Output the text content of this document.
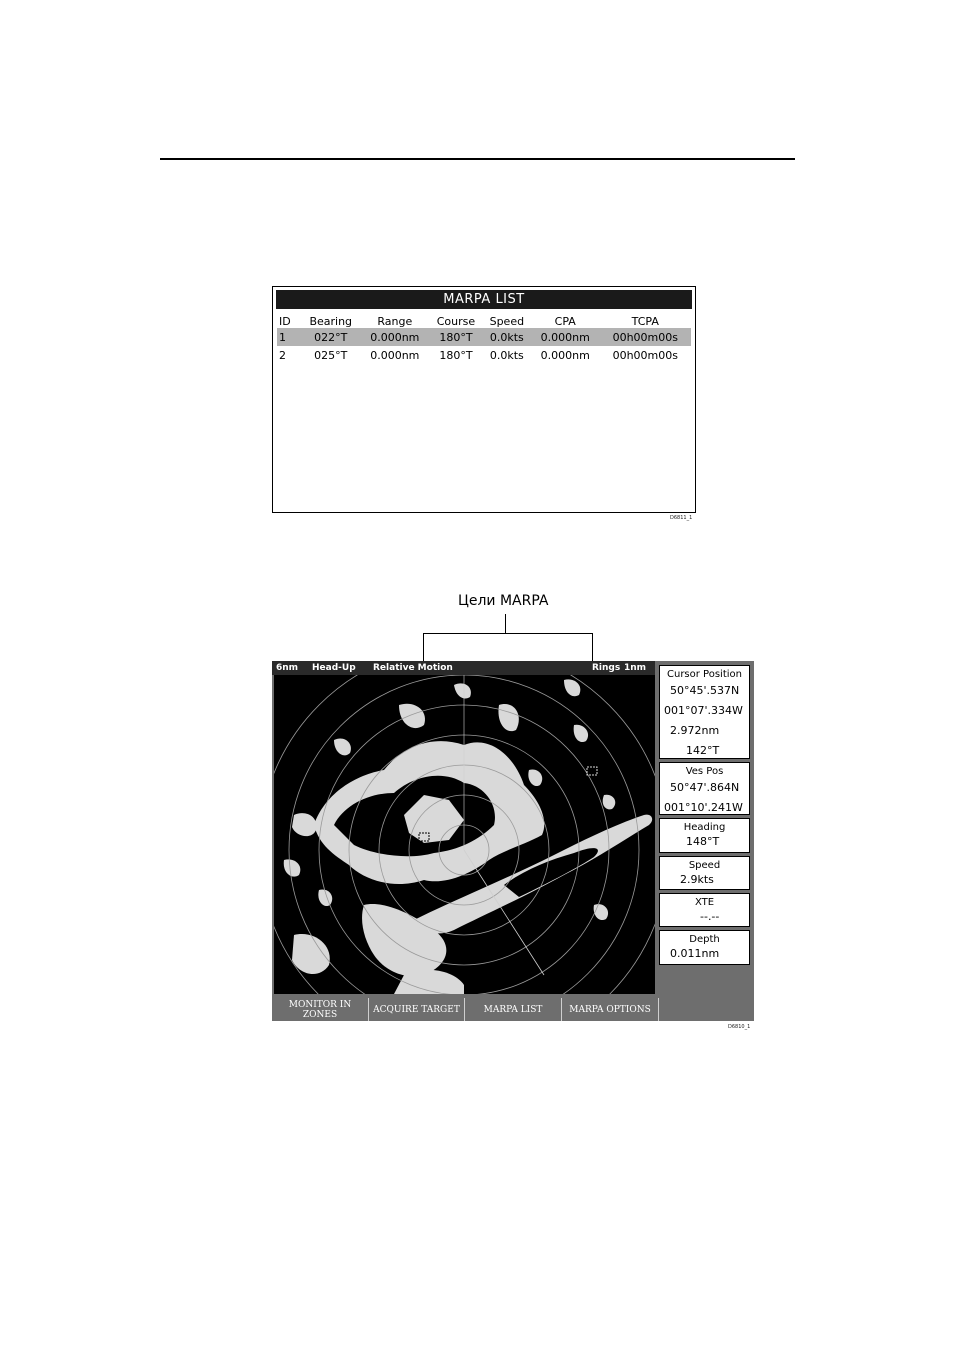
MARPA LIST
ID	Bearing	Range	Course	Speed	CPA	TCPA
1	022°T	0.000nm	180°T	0.0kts	0.000nm	00h00m00s
2	025°T	0.000nm	180°T	0.0kts	0.000nm	00h00m00s
D6811_1
Цели MARPA
6nm Head-Up Relative Motion	Rings 1nm
Cursor Position
50°45'.537N
001°07'.334W
2.972nm
142°T
Ves Pos
50°47'.864N
001°10'.241W
Heading
148°T
Speed
2.9kts
XTE
--.--
Depth
0.011nm
MONITOR IN ZONES	ACQUIRE TARGET	MARPA LIST	MARPA OPTIONS
D6810_1
